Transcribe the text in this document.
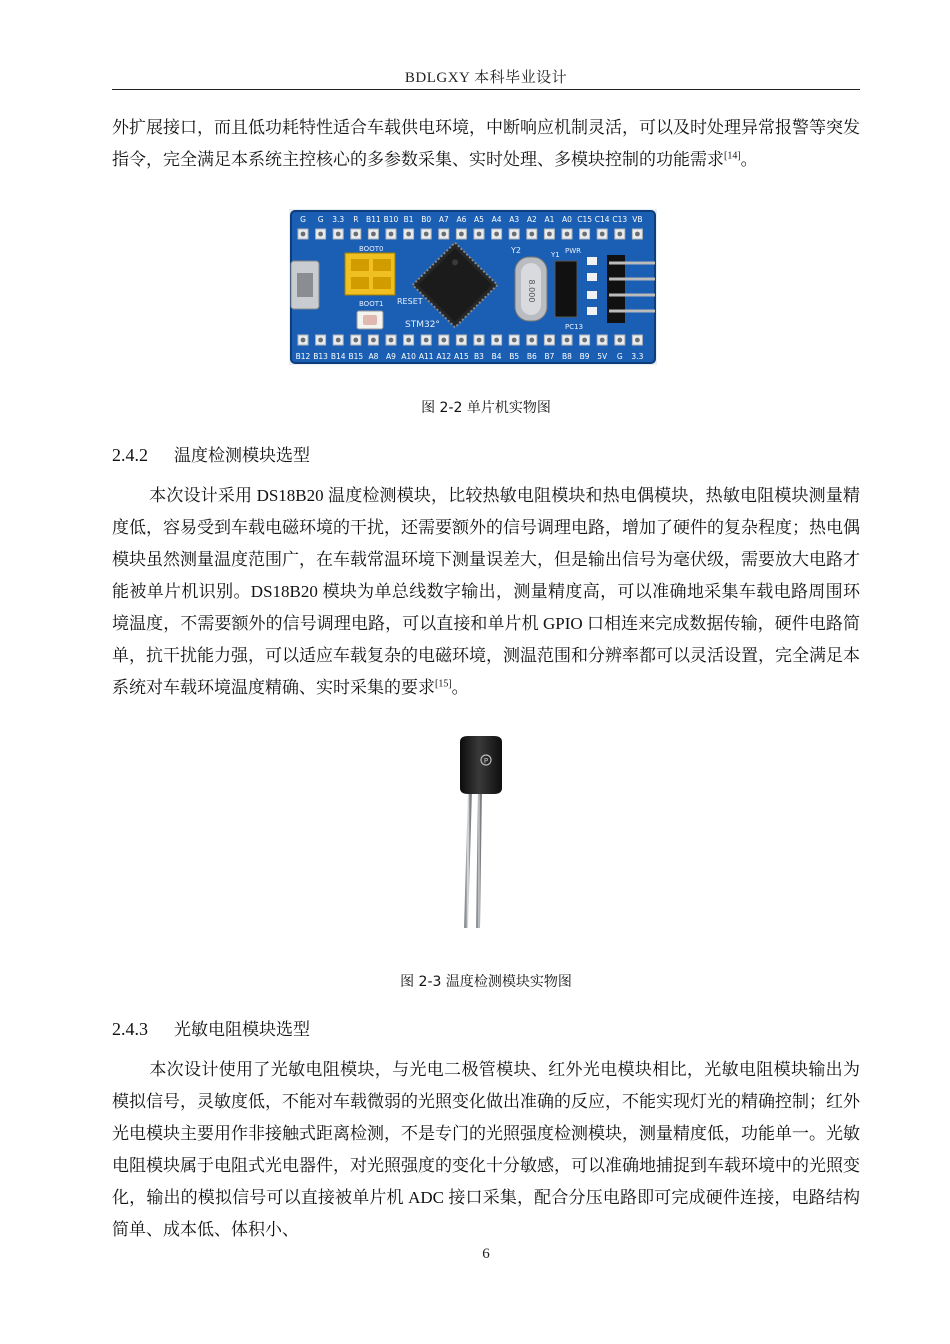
BDLGXY 本科毕业设计

外扩展接口，而且低功耗特性适合车载供电环境，中断响应机制灵活，可以及时处理异常报警等突发指令，完全满足本系统主控核心的多参数采集、实时处理、多模块控制的功能需求[14]。

G G 3.3 R B11 B10 B1 B0 A7 A6 A5 A4 A3 A2 A1 A0 C15 C14 C13 VB
B12 B13 B14 B15 A8 A9 A10 A11 A12 A15 B3 B4 B5 B6 B7 B8 B9 5V G 3.3
BOOT0
BOOT1 RESET
STM32°
Y2
8.000
Y1 PWR
PC13
图 2-2 单片机实物图
2.4.2 温度检测模块选型

本次设计采用 DS18B20 温度检测模块，比较热敏电阻模块和热电偶模块，热敏电阻模块测量精度低，容易受到车载电磁环境的干扰，还需要额外的信号调理电路，增加了硬件的复杂程度；热电偶模块虽然测量温度范围广，在车载常温环境下测量误差大，但是输出信号为毫伏级，需要放大电路才能被单片机识别。DS18B20 模块为单总线数字输出，测量精度高，可以准确地采集车载电路周围环境温度，不需要额外的信号调理电路，可以直接和单片机 GPIO 口相连来完成数据传输，硬件电路简单，抗干扰能力强，可以适应车载复杂的电磁环境，测温范围和分辨率都可以灵活设置，完全满足本系统对车载环境温度精确、实时采集的要求[15]。

P
图 2-3 温度检测模块实物图
2.4.3 光敏电阻模块选型

本次设计使用了光敏电阻模块，与光电二极管模块、红外光电模块相比，光敏电阻模块输出为模拟信号，灵敏度低，不能对车载微弱的光照变化做出准确的反应，不能实现灯光的精确控制；红外光电模块主要用作非接触式距离检测，不是专门的光照强度检测模块，测量精度低，功能单一。光敏电阻模块属于电阻式光电器件，对光照强度的变化十分敏感，可以准确地捕捉到车载环境中的光照变化，输出的模拟信号可以直接被单片机 ADC 接口采集，配合分压电路即可完成硬件连接，电路结构简单、成本低、体积小、

6
